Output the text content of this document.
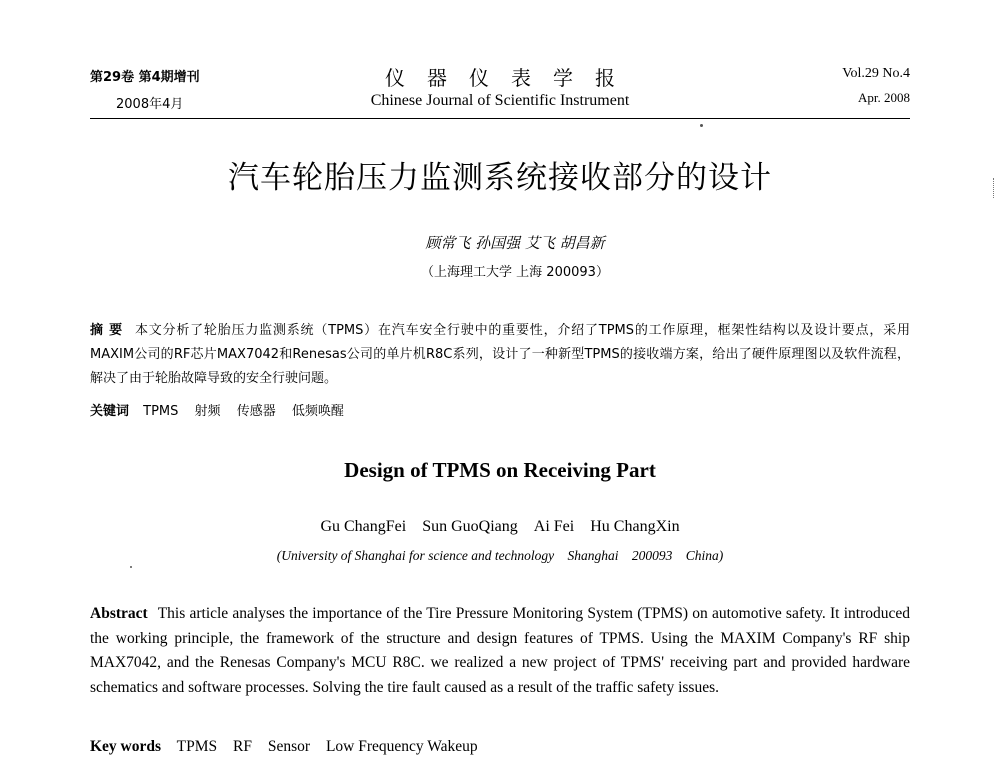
第29卷 第4期增刊
2008年4月
仪器仪表学报
Chinese Journal of Scientific Instrument
Vol.29 No.4
Apr. 2008
汽车轮胎压力监测系统接收部分的设计
顾常飞 孙国强 艾飞 胡昌新
（上海理工大学 上海 200093）
摘 要 本文分析了轮胎压力监测系统（TPMS）在汽车安全行驶中的重要性，介绍了TPMS的工作原理，框架性结构以及设计要点，采用MAXIM公司的RF芯片MAX7042和Renesas公司的单片机R8C系列，设计了一种新型TPMS的接收端方案，给出了硬件原理图以及软件流程，解决了由于轮胎故障导致的安全行驶问题。
关键词 TPMS 射频 传感器 低频唤醒
Design of TPMS on Receiving Part
Gu ChangFei Sun GuoQiang Ai Fei Hu ChangXin
(University of Shanghai for science and technology Shanghai 200093 China)
Abstract This article analyses the importance of the Tire Pressure Monitoring System (TPMS) on automotive safety. It introduced the working principle, the framework of the structure and design features of TPMS. Using the MAXIM Company's RF ship MAX7042, and the Renesas Company's MCU R8C. we realized a new project of TPMS' receiving part and provided hardware schematics and software processes. Solving the tire fault caused as a result of the traffic safety issues.
Key words TPMS RF Sensor Low Frequency Wakeup
